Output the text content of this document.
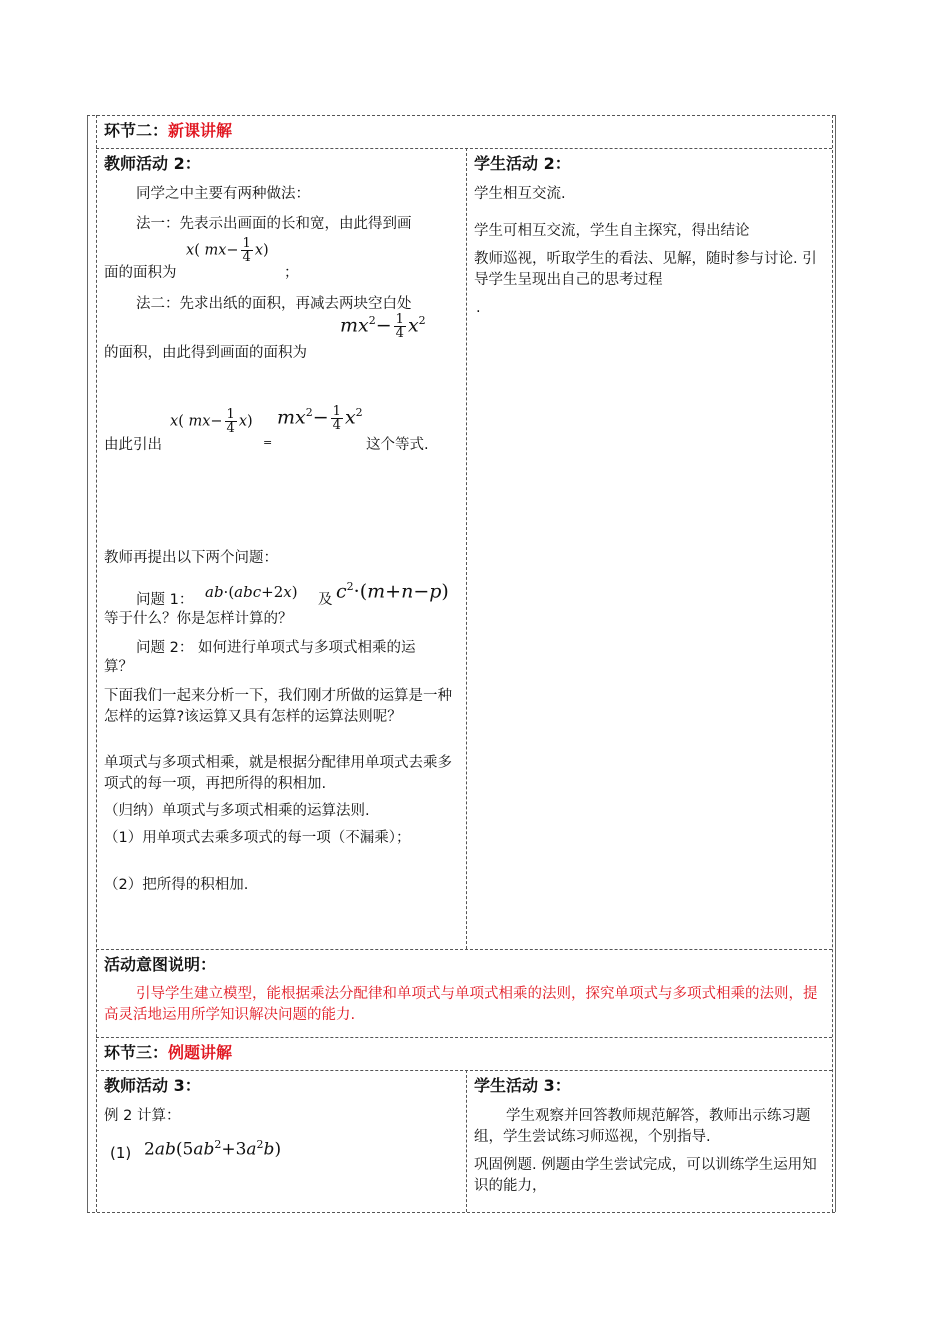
环节二：新课讲解
教师活动 2：
同学之中主要有两种做法：
法一：先表示出画面的长和宽，由此得到画
x( $mx- \frac{1}{4} x$)
面的面积为	；
法二：先求出纸的面积，再减去两块空白处
$mx^2- \frac{1}{4} x^2$
的面积，由此得到画面的面积为
由此引出
x( $mx- \frac{1}{4} x$)
=
$mx^2- \frac{1}{4} x^2$
这个等式.
教师再提出以下两个问题：
问题 1： ab·(abc+2x) 及 $c^2\cdot(m+n-p)$
等于什么？你是怎样计算的？
问题 2： 如何进行单项式与多项式相乘的运
算？
下面我们一起来分析一下，我们刚才所做的运算是一种怎样的运算?该运算又具有怎样的运算法则呢？
单项式与多项式相乘，就是根据分配律用单项式去乘多项式的每一项，再把所得的积相加.
（归纳）单项式与多项式相乘的运算法则.
（1）用单项式去乘多项式的每一项（不漏乘）；
（2）把所得的积相加.
学生活动 2：
学生相互交流.
学生可相互交流，学生自主探究，得出结论
教师巡视，听取学生的看法、见解，随时参与讨论. 引导学生呈现出自己的思考过程
.
活动意图说明：
引导学生建立模型，能根据乘法分配律和单项式与单项式相乘的法则，探究单项式与多项式相乘的法则，提高灵活地运用所学知识解决问题的能力.
环节三：例题讲解
教师活动 3：
例 2 计算：
(1) $2ab(5ab^2+3a^2b)$
学生活动 3：
学生观察并回答教师规范解答，教师出示练习题组，学生尝试练习师巡视，个别指导.
巩固例题. 例题由学生尝试完成，可以训练学生运用知识的能力，
